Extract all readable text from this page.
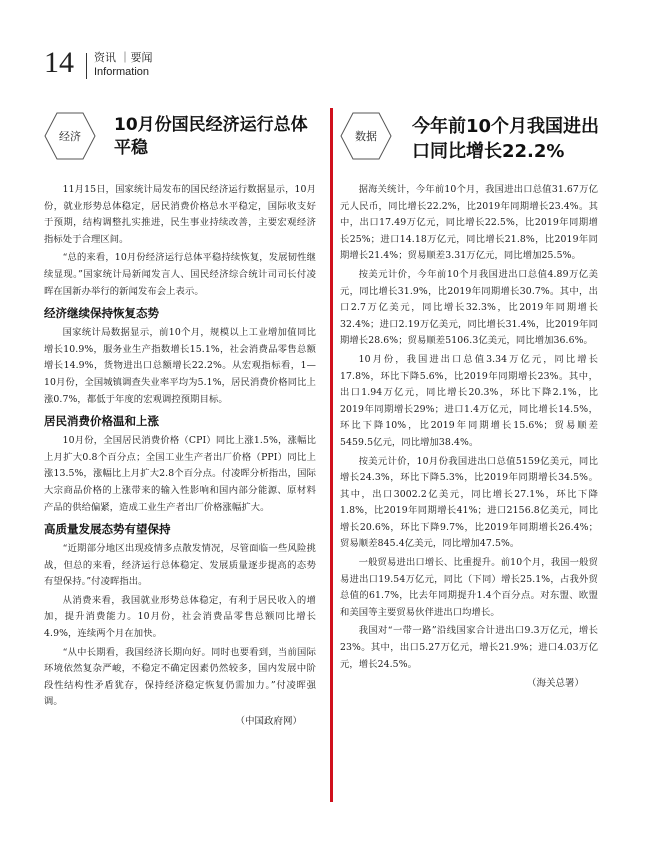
14 资讯 ｜要闻
Information
经济
10月份国民经济运行总体平稳

11月15日，国家统计局发布的国民经济运行数据显示，10月份，就业形势总体稳定，居民消费价格总水平稳定，国际收支好于预期，结构调整扎实推进，民生事业持续改善，主要宏观经济指标处于合理区间。

“总的来看，10月份经济运行总体平稳持续恢复，发展韧性继续显现。”国家统计局新闻发言人、国民经济综合统计司司长付凌晖在国新办举行的新闻发布会上表示。

经济继续保持恢复态势

国家统计局数据显示，前10个月，规模以上工业增加值同比增长10.9%，服务业生产指数增长15.1%，社会消费品零售总额增长14.9%，货物进出口总额增长22.2%。从宏观指标看，1—10月份，全国城镇调查失业率平均为5.1%，居民消费价格同比上涨0.7%，都低于年度的宏观调控预期目标。

居民消费价格温和上涨

10月份，全国居民消费价格（CPI）同比上涨1.5%，涨幅比上月扩大0.8个百分点；全国工业生产者出厂价格（PPI）同比上涨13.5%，涨幅比上月扩大2.8个百分点。付凌晖分析指出，国际大宗商品价格的上涨带来的输入性影响和国内部分能源、原材料产品的供给偏紧，造成工业生产者出厂价格涨幅扩大。

高质量发展态势有望保持

“近期部分地区出现疫情多点散发情况，尽管面临一些风险挑战，但总的来看，经济运行总体稳定、发展质量逐步提高的态势有望保持。”付凌晖指出。

从消费来看，我国就业形势总体稳定，有利于居民收入的增加，提升消费能力。10月份，社会消费品零售总额同比增长4.9%，连续两个月在加快。

“从中长期看，我国经济长期向好。同时也要看到，当前国际环境依然复杂严峻，不稳定不确定因素仍然较多，国内发展中阶段性结构性矛盾犹存，保持经济稳定恢复仍需加力。”付凌晖强调。

（中国政府网）
数据	今年前10个月我国进出口同比增长22.2%

据海关统计，今年前10个月，我国进出口总值31.67万亿元人民币，同比增长22.2%，比2019年同期增长23.4%。其中，出口17.49万亿元，同比增长22.5%，比2019年同期增长25%；进口14.18万亿元，同比增长21.8%，比2019年同期增长21.4%；贸易顺差3.31万亿元，同比增加25.5%。

按美元计价，今年前10个月我国进出口总值4.89万亿美元，同比增长31.9%，比2019年同期增长30.7%。其中，出口2.7万亿美元，同比增长32.3%，比2019年同期增长32.4%；进口2.19万亿美元，同比增长31.4%，比2019年同期增长28.6%；贸易顺差5106.3亿美元，同比增加36.6%。

10月份，我国进出口总值3.34万亿元，同比增长17.8%，环比下降5.6%，比2019年同期增长23%。其中，出口1.94万亿元，同比增长20.3%，环比下降2.1%，比2019年同期增长29%；进口1.4万亿元，同比增长14.5%，环比下降10%，比2019年同期增长15.6%；贸易顺差5459.5亿元，同比增加38.4%。

按美元计价，10月份我国进出口总值5159亿美元，同比增长24.3%，环比下降5.3%，比2019年同期增长34.5%。其中，出口3002.2亿美元，同比增长27.1%，环比下降1.8%，比2019年同期增长41%；进口2156.8亿美元，同比增长20.6%，环比下降9.7%，比2019年同期增长26.4%；贸易顺差845.4亿美元，同比增加47.5%。

一般贸易进出口增长、比重提升。前10个月，我国一般贸易进出口19.54万亿元，同比（下同）增长25.1%，占我外贸总值的61.7%，比去年同期提升1.4个百分点。对东盟、欧盟和美国等主要贸易伙伴进出口均增长。

我国对“一带一路”沿线国家合计进出口9.3万亿元，增长23%。其中，出口5.27万亿元，增长21.9%；进口4.03万亿元，增长24.5%。

（海关总署）
